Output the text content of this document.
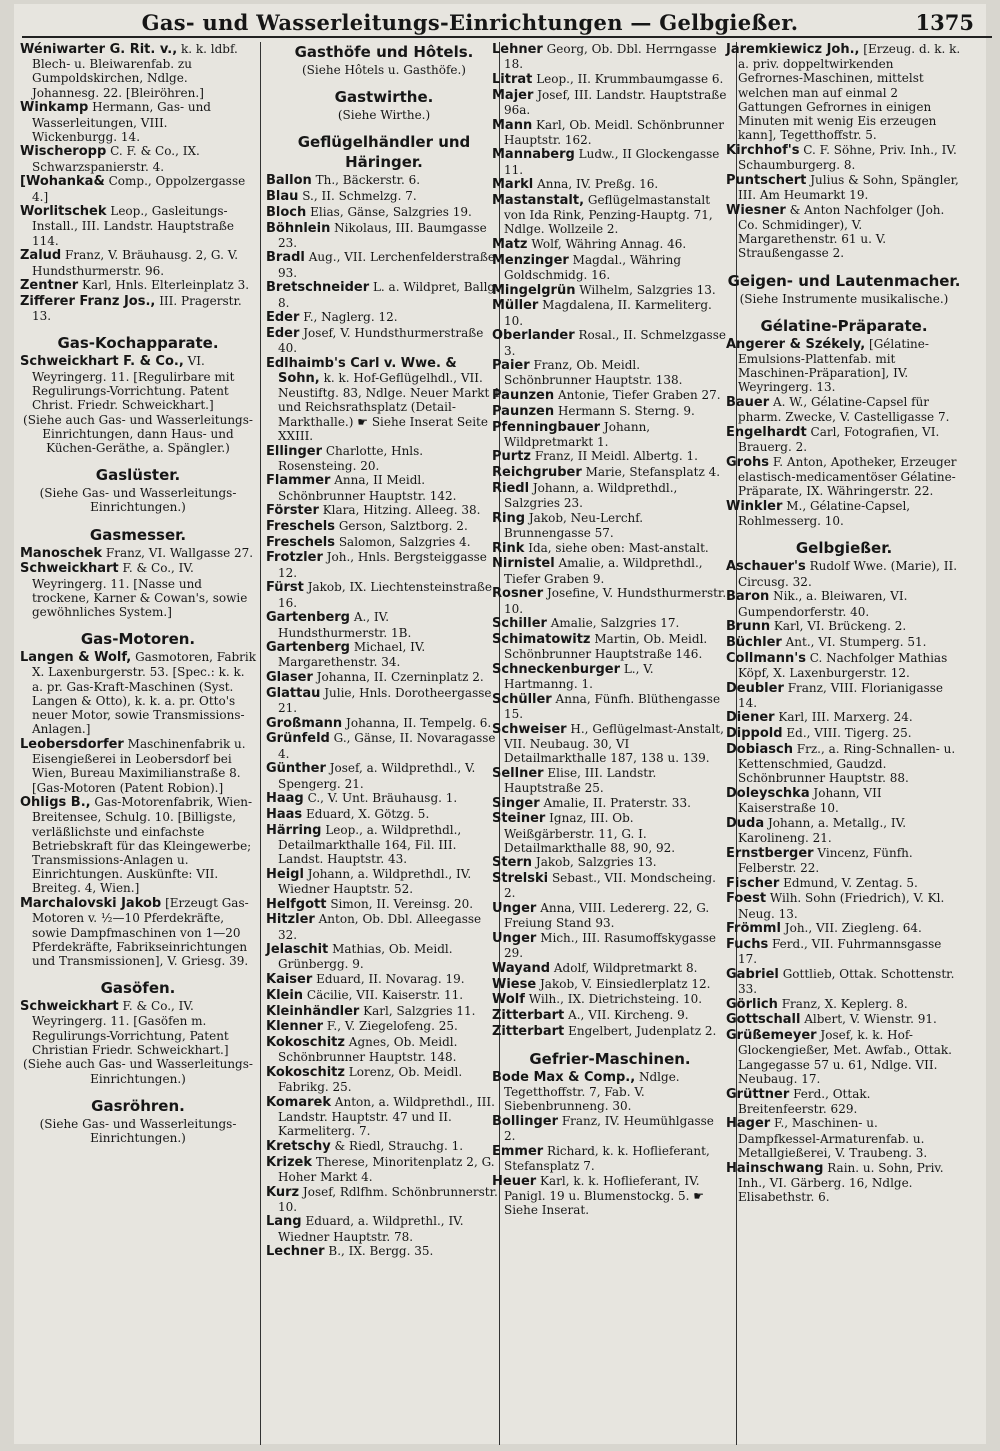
Gas- und Wasserleitungs-Einrichtungen — Gelbgießer.	1375
Wéniwarter G. Rit. v., k. k. ldbf. Blech- u. Bleiwarenfab. zu Gumpoldskirchen, Ndlge. Johannesg. 22. [Bleiröhren.]
Winkamp Hermann, Gas- und Wasserleitungen, VIII. Wickenburgg. 14.
Wischeropp C. F. & Co., IX. Schwarzspanierstr. 4.
[Wohanka& Comp., Oppolzergasse 4.]
Worlitschek Leop., Gasleitungs-Install., III. Landstr. Hauptstraße 114.
Zalud Franz, V. Bräuhausg. 2, G. V. Hundsthurmerstr. 96.
Zentner Karl, Hnls. Elterleinplatz 3.
Zifferer Franz Jos., III. Pragerstr. 13.
Gas-Kochapparate.
Schweickhart F. & Co., VI. Weyringerg. 11. [Regulirbare mit Regulirungs-Vorrichtung. Patent Christ. Friedr. Schweickhart.]
(Siehe auch Gas- und Wasserleitungs-Einrichtungen, dann Haus- und Küchen-Geräthe, a. Spängler.)
Gaslüster.
(Siehe Gas- und Wasserleitungs-Einrichtungen.)
Gasmesser.
Manoschek Franz, VI. Wallgasse 27.
Schweickhart F. & Co., IV. Weyringerg. 11. [Nasse und trockene, Karner & Cowan's, sowie gewöhnliches System.]
Gas-Motoren.
Langen & Wolf, Gasmotoren, Fabrik X. Laxenburgerstr. 53. [Spec.: k. k. a. pr. Gas-Kraft-Maschinen (Syst. Langen & Otto), k. k. a. pr. Otto's neuer Motor, sowie Transmissions-Anlagen.]
Leobersdorfer Maschinenfabrik u. Eisengießerei in Leobersdorf bei Wien, Bureau Maximilianstraße 8. [Gas-Motoren (Patent Robion).]
Ohligs B., Gas-Motorenfabrik, Wien-Breitensee, Schulg. 10. [Billigste, verläßlichste und einfachste Betriebskraft für das Kleingewerbe; Transmissions-Anlagen u. Einrichtungen. Auskünfte: VII. Breiteg. 4, Wien.]
Marchalovski Jakob [Erzeugt Gas-Motoren v. ½—10 Pferdekräfte, sowie Dampfmaschinen von 1—20 Pferdekräfte, Fabrikseinrichtungen und Transmissionen], V. Griesg. 39.
Gasöfen.
Schweickhart F. & Co., IV. Weyringerg. 11. [Gasöfen m. Regulirungs-Vorrichtung, Patent Christian Friedr. Schweickhart.]
(Siehe auch Gas- und Wasserleitungs-Einrichtungen.)
Gasröhren.
(Siehe Gas- und Wasserleitungs-Einrichtungen.)
Gasthöfe und Hôtels.
(Siehe Hôtels u. Gasthöfe.)
Gastwirthe.
(Siehe Wirthe.)
Geflügelhändler und Häringer.
Ballon Th., Bäckerstr. 6.
Blau S., II. Schmelzg. 7.
Bloch Elias, Gänse, Salzgries 19.
Böhnlein Nikolaus, III. Baumgasse 23.
Bradl Aug., VII. Lerchenfelderstraße 93.
Bretschneider L. a. Wildpret, Ballg. 8.
Eder F., Naglerg. 12.
Eder Josef, V. Hundsthurmerstraße 40.
Edlhaimb's Carl v. Wwe. & Sohn, k. k. Hof-Geflügelhdl., VII. Neustiftg. 83, Ndlge. Neuer Markt 1 und Reichsrathsplatz (Detail-Markthalle.) ☛ Siehe Inserat Seite XXIII.
Ellinger Charlotte, Hnls. Rosensteing. 20.
Flammer Anna, II Meidl. Schönbrunner Hauptstr. 142.
Förster Klara, Hitzing. Alleeg. 38.
Freschels Gerson, Salztborg. 2.
Freschels Salomon, Salzgries 4.
Frotzler Joh., Hnls. Bergsteiggasse 12.
Fürst Jakob, IX. Liechtensteinstraße 16.
Gartenberg A., IV. Hundsthurmerstr. 1B.
Gartenberg Michael, IV. Margarethenstr. 34.
Glaser Johanna, II. Czerninplatz 2.
Glattau Julie, Hnls. Dorotheergasse 21.
Großmann Johanna, II. Tempelg. 6.
Grünfeld G., Gänse, II. Novaragasse 4.
Günther Josef, a. Wildprethdl., V. Spengerg. 21.
Haag C., V. Unt. Bräuhausg. 1.
Haas Eduard, X. Götzg. 5.
Härring Leop., a. Wildprethdl., Detailmarkthalle 164, Fil. III. Landst. Hauptstr. 43.
Heigl Johann, a. Wildprethdl., IV. Wiedner Hauptstr. 52.
Helfgott Simon, II. Vereinsg. 20.
Hitzler Anton, Ob. Dbl. Alleegasse 32.
Jelaschit Mathias, Ob. Meidl. Grünbergg. 9.
Kaiser Eduard, II. Novarag. 19.
Klein Cäcilie, VII. Kaiserstr. 11.
Kleinhändler Karl, Salzgries 11.
Klenner F., V. Ziegelofeng. 25.
Kokoschitz Agnes, Ob. Meidl. Schönbrunner Hauptstr. 148.
Kokoschitz Lorenz, Ob. Meidl. Fabrikg. 25.
Komarek Anton, a. Wildprethdl., III. Landstr. Hauptstr. 47 und II. Karmeliterg. 7.
Kretschy & Riedl, Strauchg. 1.
Krizek Therese, Minoritenplatz 2, G. Hoher Markt 4.
Kurz Josef, Rdlfhm. Schönbrunnerstr. 10.
Lang Eduard, a. Wildprethl., IV. Wiedner Hauptstr. 78.
Lechner B., IX. Bergg. 35.
Lehner Georg, Ob. Dbl. Herrngasse 18.
Litrat Leop., II. Krummbaumgasse 6.
Majer Josef, III. Landstr. Hauptstraße 96a.
Mann Karl, Ob. Meidl. Schönbrunner Hauptstr. 162.
Mannaberg Ludw., II Glockengasse 11.
Markl Anna, IV. Preßg. 16.
Mastanstalt, Geflügelmastanstalt von Ida Rink, Penzing-Hauptg. 71, Ndlge. Wollzeile 2.
Matz Wolf, Währing Annag. 46.
Menzinger Magdal., Währing Goldschmidg. 16.
Mingelgrün Wilhelm, Salzgries 13.
Müller Magdalena, II. Karmeliterg. 10.
Oberlander Rosal., II. Schmelzgasse 3.
Paier Franz, Ob. Meidl. Schönbrunner Hauptstr. 138.
Paunzen Antonie, Tiefer Graben 27.
Paunzen Hermann S. Sterng. 9.
Pfenningbauer Johann, Wildpretmarkt 1.
Purtz Franz, II Meidl. Albertg. 1.
Reichgruber Marie, Stefansplatz 4.
Riedl Johann, a. Wildprethdl., Salzgries 23.
Ring Jakob, Neu-Lerchf. Brunnengasse 57.
Rink Ida, siehe oben: Mast-anstalt.
Nirnistel Amalie, a. Wildprethdl., Tiefer Graben 9.
Rosner Josefine, V. Hundsthurmerstr. 10.
Schiller Amalie, Salzgries 17.
Schimatowitz Martin, Ob. Meidl. Schönbrunner Hauptstraße 146.
Schneckenburger L., V. Hartmanng. 1.
Schüller Anna, Fünfh. Blüthengasse 15.
Schweiser H., Geflügelmast-Anstalt, VII. Neubaug. 30, VI Detailmarkthalle 187, 138 u. 139.
Sellner Elise, III. Landstr. Hauptstraße 25.
Singer Amalie, II. Praterstr. 33.
Steiner Ignaz, III. Ob. Weißgärberstr. 11, G. I. Detailmarkthalle 88, 90, 92.
Stern Jakob, Salzgries 13.
Strelski Sebast., VII. Mondscheing. 2.
Unger Anna, VIII. Ledererg. 22, G. Freiung Stand 93.
Unger Mich., III. Rasumoffskygasse 29.
Wayand Adolf, Wildpretmarkt 8.
Wiese Jakob, V. Einsiedlerplatz 12.
Wolf Wilh., IX. Dietrichsteing. 10.
Zitterbart A., VII. Kircheng. 9.
Zitterbart Engelbert, Judenplatz 2.
Gefrier-Maschinen.
Bode Max & Comp., Ndlge. Tegetthoffstr. 7, Fab. V. Siebenbrunneng. 30.
Bollinger Franz, IV. Heumühlgasse 2.
Emmer Richard, k. k. Hoflieferant, Stefansplatz 7.
Heuer Karl, k. k. Hoflieferant, IV. Panigl. 19 u. Blumenstockg. 5. ☛ Siehe Inserat.
Jaremkiewicz Joh., [Erzeug. d. k. k. a. priv. doppeltwirkenden Gefrornes-Maschinen, mittelst welchen man auf einmal 2 Gattungen Gefrornes in einigen Minuten mit wenig Eis erzeugen kann], Tegetthoffstr. 5.
Kirchhof's C. F. Söhne, Priv. Inh., IV. Schaumburgerg. 8.
Puntschert Julius & Sohn, Spängler, III. Am Heumarkt 19.
Wiesner & Anton Nachfolger (Joh. Co. Schmidinger), V. Margarethenstr. 61 u. V. Straußengasse 2.
Geigen- und Lautenmacher.
(Siehe Instrumente musikalische.)
Gélatine-Präparate.
Angerer & Székely, [Gélatine-Emulsions-Plattenfab. mit Maschinen-Präparation], IV. Weyringerg. 13.
Bauer A. W., Gélatine-Capsel für pharm. Zwecke, V. Castelligasse 7.
Engelhardt Carl, Fotografien, VI. Brauerg. 2.
Grohs F. Anton, Apotheker, Erzeuger elastisch-medicamentöser Gélatine-Präparate, IX. Währingerstr. 22.
Winkler M., Gélatine-Capsel, Rohlmesserg. 10.
Gelbgießer.
Aschauer's Rudolf Wwe. (Marie), II. Circusg. 32.
Baron Nik., a. Bleiwaren, VI. Gumpendorferstr. 40.
Brunn Karl, VI. Brückeng. 2.
Büchler Ant., VI. Stumperg. 51.
Collmann's C. Nachfolger Mathias Köpf, X. Laxenburgerstr. 12.
Deubler Franz, VIII. Florianigasse 14.
Diener Karl, III. Marxerg. 24.
Dippold Ed., VIII. Tigerg. 25.
Dobiasch Frz., a. Ring-Schnallen- u. Kettenschmied, Gaudzd. Schönbrunner Hauptstr. 88.
Doleyschka Johann, VII Kaiserstraße 10.
Duda Johann, a. Metallg., IV. Karolineng. 21.
Ernstberger Vincenz, Fünfh. Felberstr. 22.
Fischer Edmund, V. Zentag. 5.
Foest Wilh. Sohn (Friedrich), V. Kl. Neug. 13.
Frömml Joh., VII. Ziegleng. 64.
Fuchs Ferd., VII. Fuhrmannsgasse 17.
Gabriel Gottlieb, Ottak. Schottenstr. 33.
Görlich Franz, X. Keplerg. 8.
Gottschall Albert, V. Wienstr. 91.
Grüßemeyer Josef, k. k. Hof-Glockengießer, Met. Awfab., Ottak. Langegasse 57 u. 61, Ndlge. VII. Neubaug. 17.
Grüttner Ferd., Ottak. Breitenfeerstr. 629.
Hager F., Maschinen- u. Dampfkessel-Armaturenfab. u. Metallgießerei, V. Traubeng. 3.
Hainschwang Rain. u. Sohn, Priv. Inh., VI. Gärberg. 16, Ndlge. Elisabethstr. 6.
